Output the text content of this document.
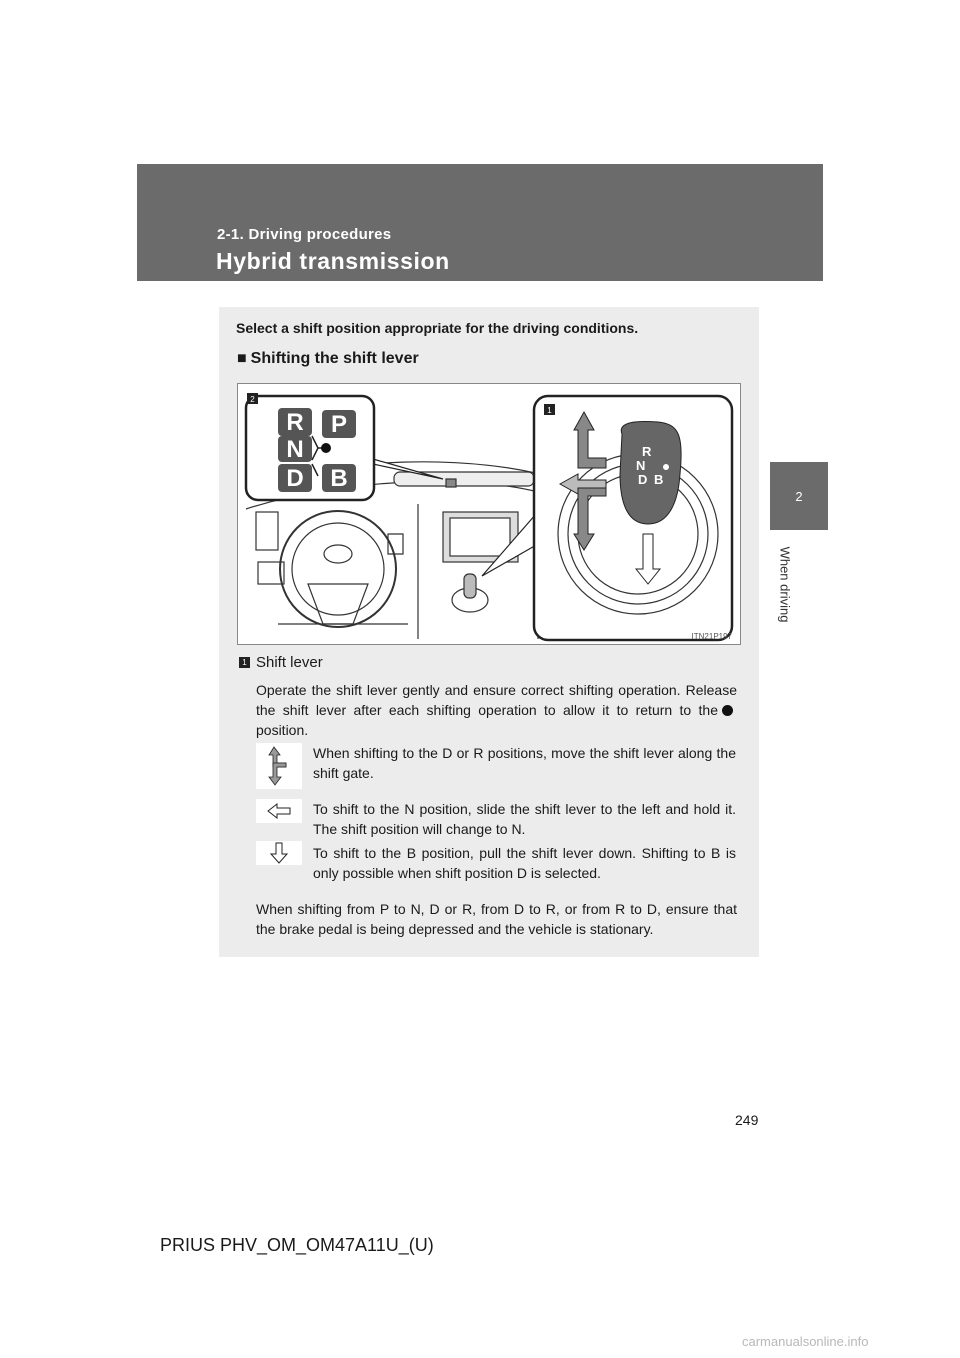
2-1. Driving procedures
Hybrid transmission
2
When driving
Select a shift position appropriate for the driving conditions.
■ Shifting the shift lever
2
R P
N
D B
1
R
N
D B
ITN21P197
1 Shift lever
Operate the shift lever gently and ensure correct shifting operation. Release the shift lever after each shifting operation to allow it to return to theposition.
When shifting to the D or R positions, move the shift lever along the shift gate.
To shift to the N position, slide the shift lever to the left and hold it. The shift position will change to N.
To shift to the B position, pull the shift lever down. Shifting to B is only possible when shift position D is selected.
When shifting from P to N, D or R, from D to R, or from R to D, ensure that the brake pedal is being depressed and the vehicle is stationary.
249
PRIUS PHV_OM_OM47A11U_(U)
carmanualsonline.info
